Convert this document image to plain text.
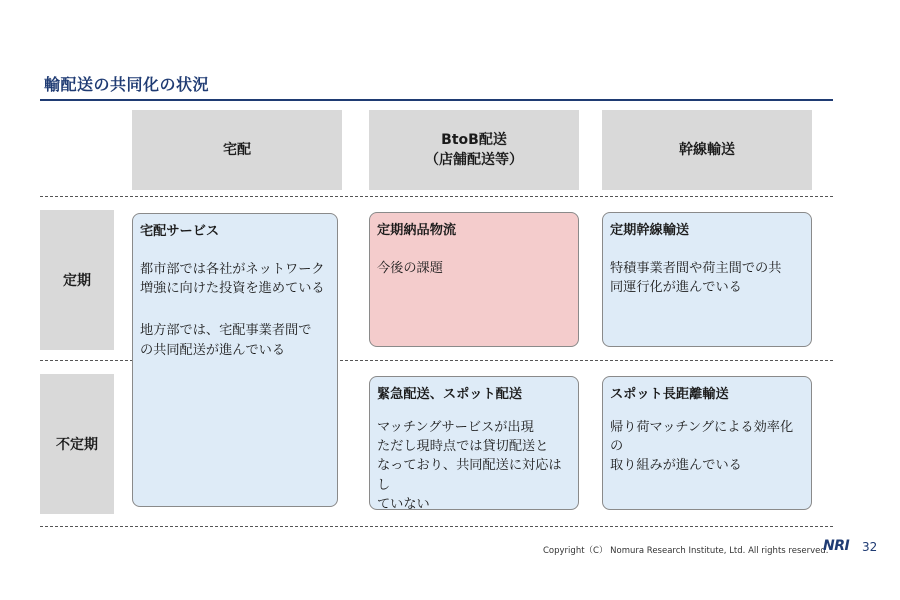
輸配送の共同化の状況
宅配
BtoB配送
（店舗配送等）
幹線輸送
定期
不定期
宅配サービス
都市部では各社がネットワーク
増強に向けた投資を進めている
地方部では、宅配事業者間で
の共同配送が進んでいる
定期納品物流
今後の課題
定期幹線輸送
特積事業者間や荷主間での共
同運行化が進んでいる
緊急配送、スポット配送
マッチングサービスが出現
ただし現時点では貸切配送と
なっており、共同配送に対応はし
ていない
スポット長距離輸送
帰り荷マッチングによる効率化の
取り組みが進んでいる
Copyright（C） Nomura Research Institute, Ltd. All rights reserved.
NRI 32
